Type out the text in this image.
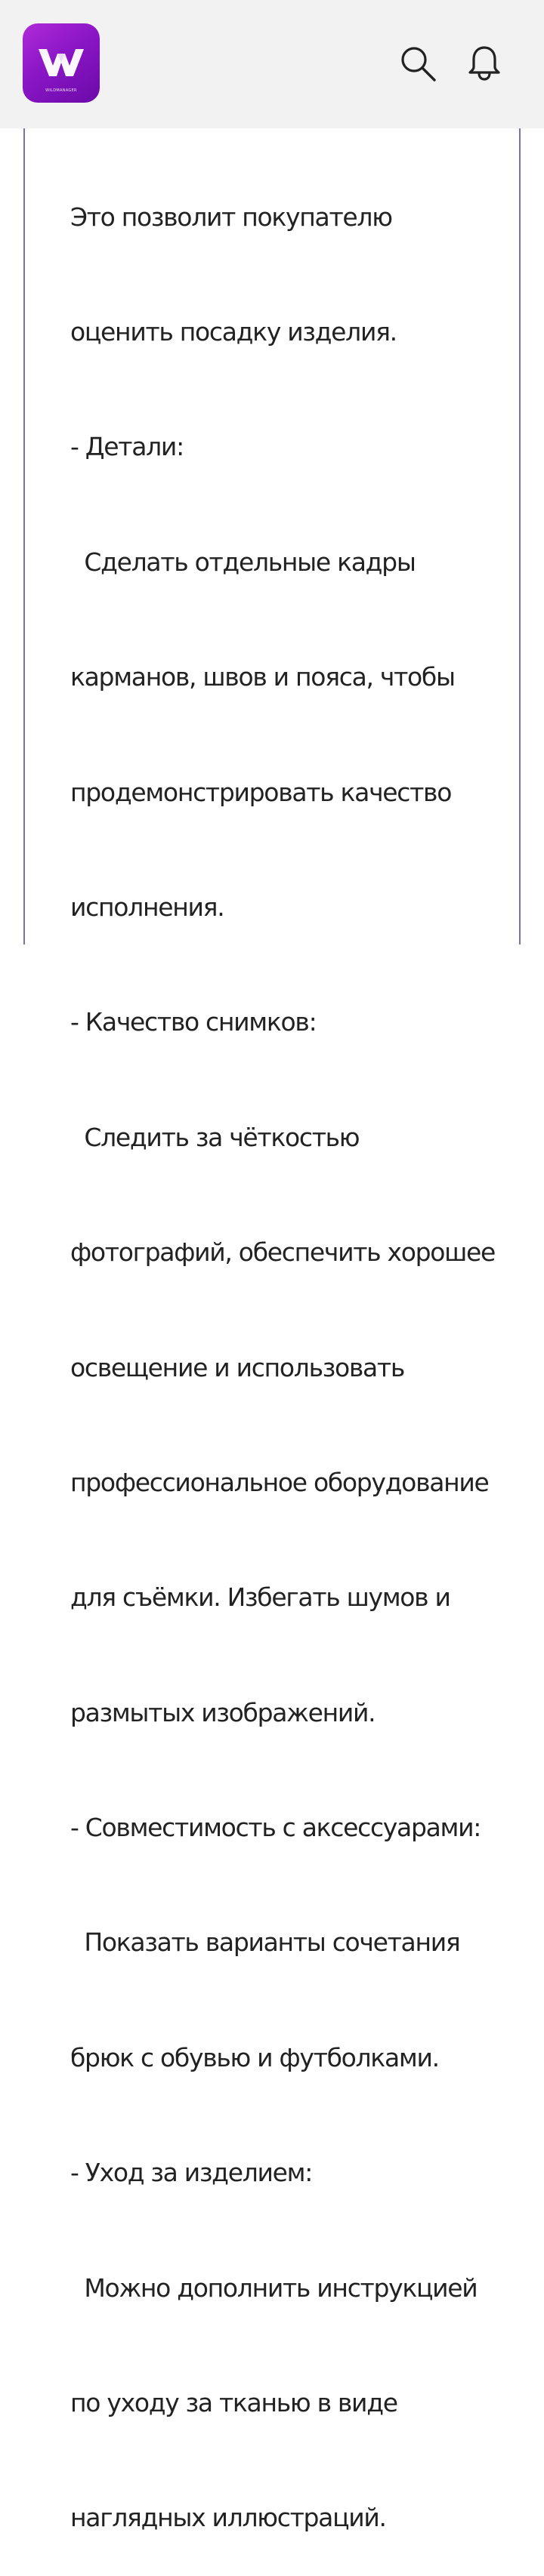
WILDMANAGER

Это позволит покупателю

оценить посадку изделия.

- Детали:

Сделать отдельные кадры

карманов, швов и пояса, чтобы

продемонстрировать качество

исполнения.

- Качество снимков:

Следить за чёткостью

фотографий, обеспечить хорошее

освещение и использовать

профессиональное оборудование

для съёмки. Избегать шумов и

размытых изображений.

- Совместимость с аксессуарами:

Показать варианты сочетания

брюк с обувью и футболками.

- Уход за изделием:

Можно дополнить инструкцией

по уходу за тканью в виде

наглядных иллюстраций.
